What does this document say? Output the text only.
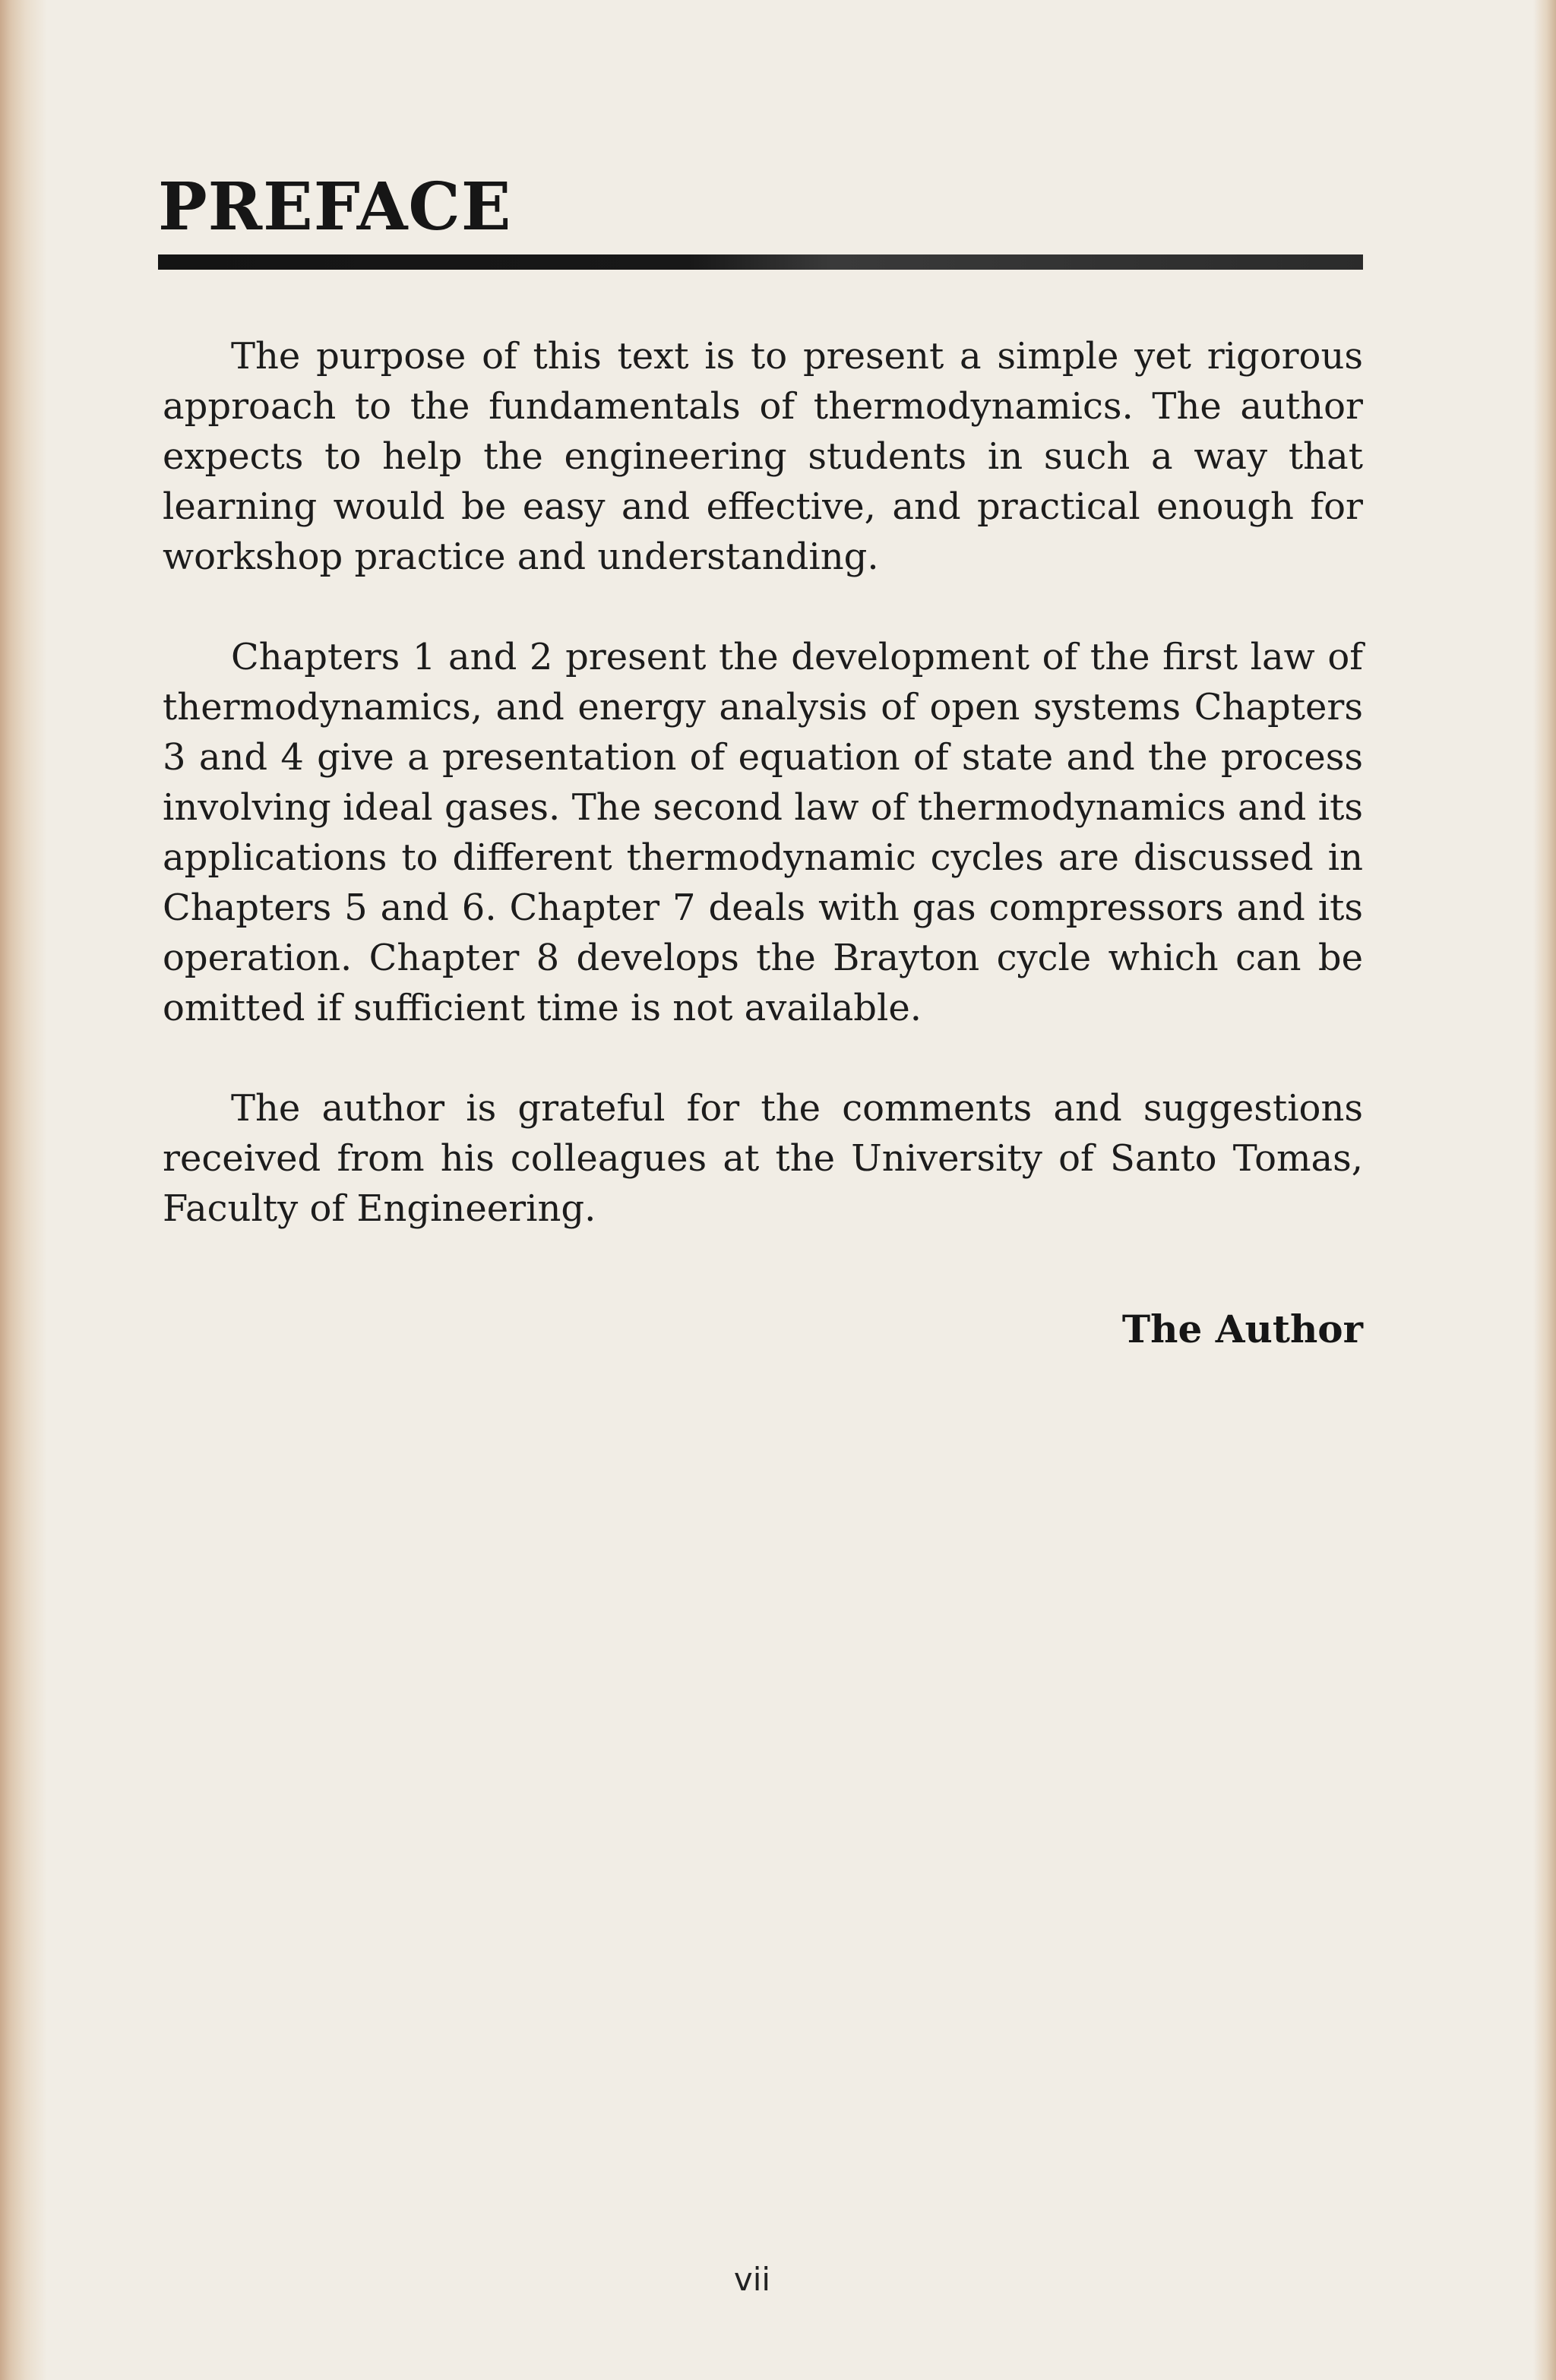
PREFACE

The purpose of this text is to present a simple yet rigorous approach to the fundamentals of thermodynamics. The author expects to help the engineering students in such a way that learning would be easy and effective, and practical enough for workshop practice and understanding.

Chapters 1 and 2 present the development of the first law of thermodynamics, and energy analysis of open systems Chapters 3 and 4 give a presentation of equation of state and the process involving ideal gases. The second law of thermodynamics and its applications to different thermodynamic cycles are discussed in Chapters 5 and 6. Chapter 7 deals with gas compressors and its operation. Chapter 8 develops the Brayton cycle which can be omitted if sufficient time is not available.

The author is grateful for the comments and suggestions received from his colleagues at the University of Santo Tomas, Faculty of Engineering.

The Author
vii
